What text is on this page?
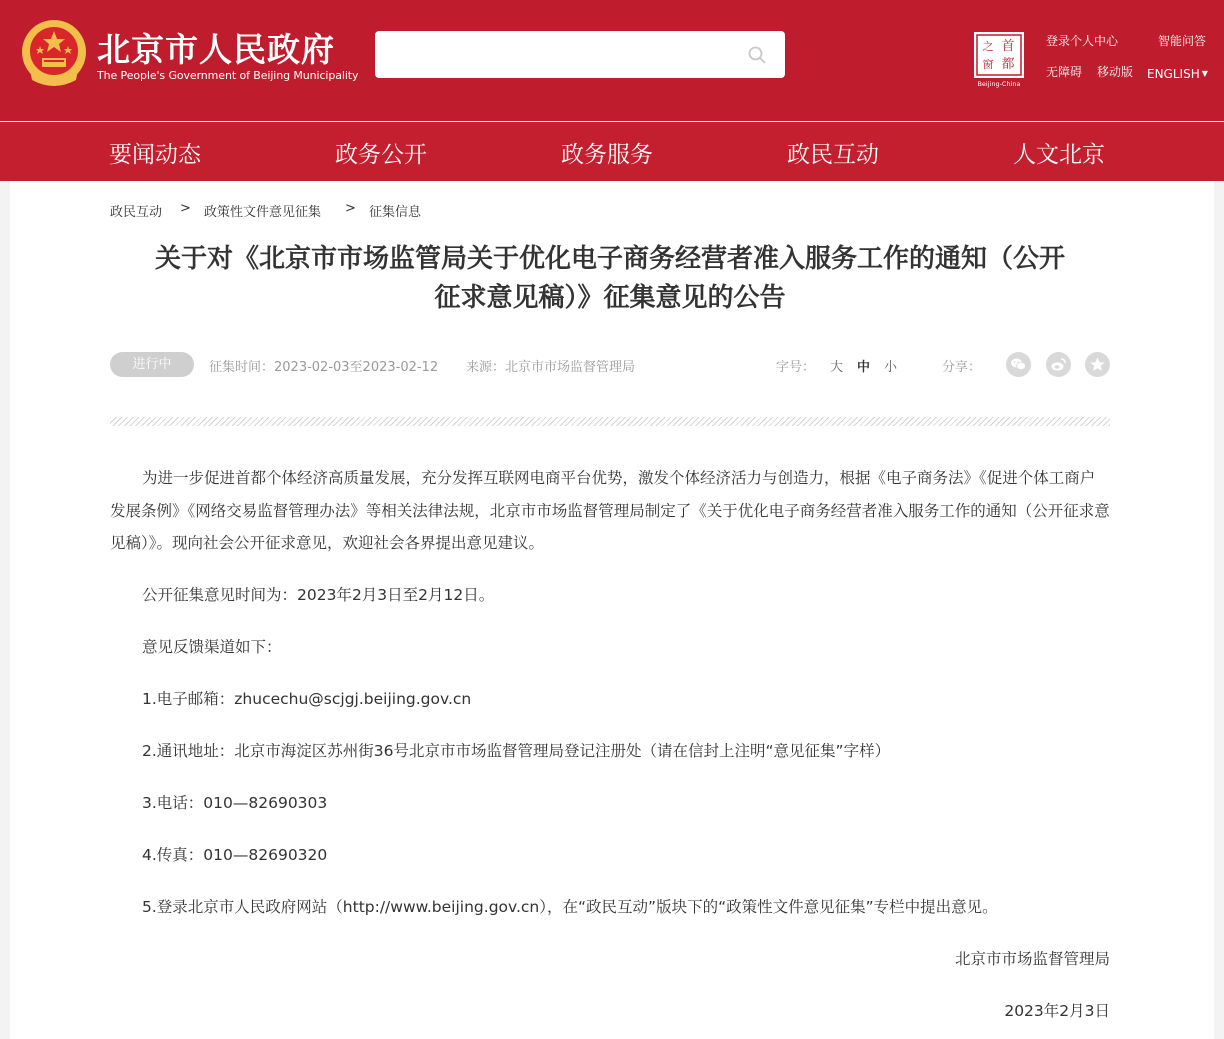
北京市人民政府
The People's Government of Beijing Municipality
首
都
之
窗
Beijing-China
登录个人中心	智能问答
无障碍 移动版 ENGLISH ▼
要闻动态	政务公开	政务服务	政民互动	人文北京
政民互动 > 政策性文件意见征集 > 征集信息
关于对《北京市市场监管局关于优化电子商务经营者准入服务工作的通知（公开
征求意见稿）》征集意见的公告
进行中	征集时间：2023-02-03至2023-02-12 来源：北京市市场监督管理局	字号： 大 中 小	分享：
为进一步促进首都个体经济高质量发展，充分发挥互联网电商平台优势，激发个体经济活力与创造力，根据《电子商务法》《促进个体工商户发展条例》《网络交易监督管理办法》等相关法律法规，北京市市场监督管理局制定了《关于优化电子商务经营者准入服务工作的通知（公开征求意见稿）》。现向社会公开征求意见，欢迎社会各界提出意见建议。
公开征集意见时间为：2023年2月3日至2月12日。
意见反馈渠道如下：
1.电子邮箱：zhucechu@scjgj.beijing.gov.cn
2.通讯地址：北京市海淀区苏州街36号北京市市场监督管理局登记注册处（请在信封上注明“意见征集”字样）
3.电话：010—82690303
4.传真：010—82690320
5.登录北京市人民政府网站（http://www.beijing.gov.cn），在“政民互动”版块下的“政策性文件意见征集”专栏中提出意见。
北京市市场监督管理局
2023年2月3日
